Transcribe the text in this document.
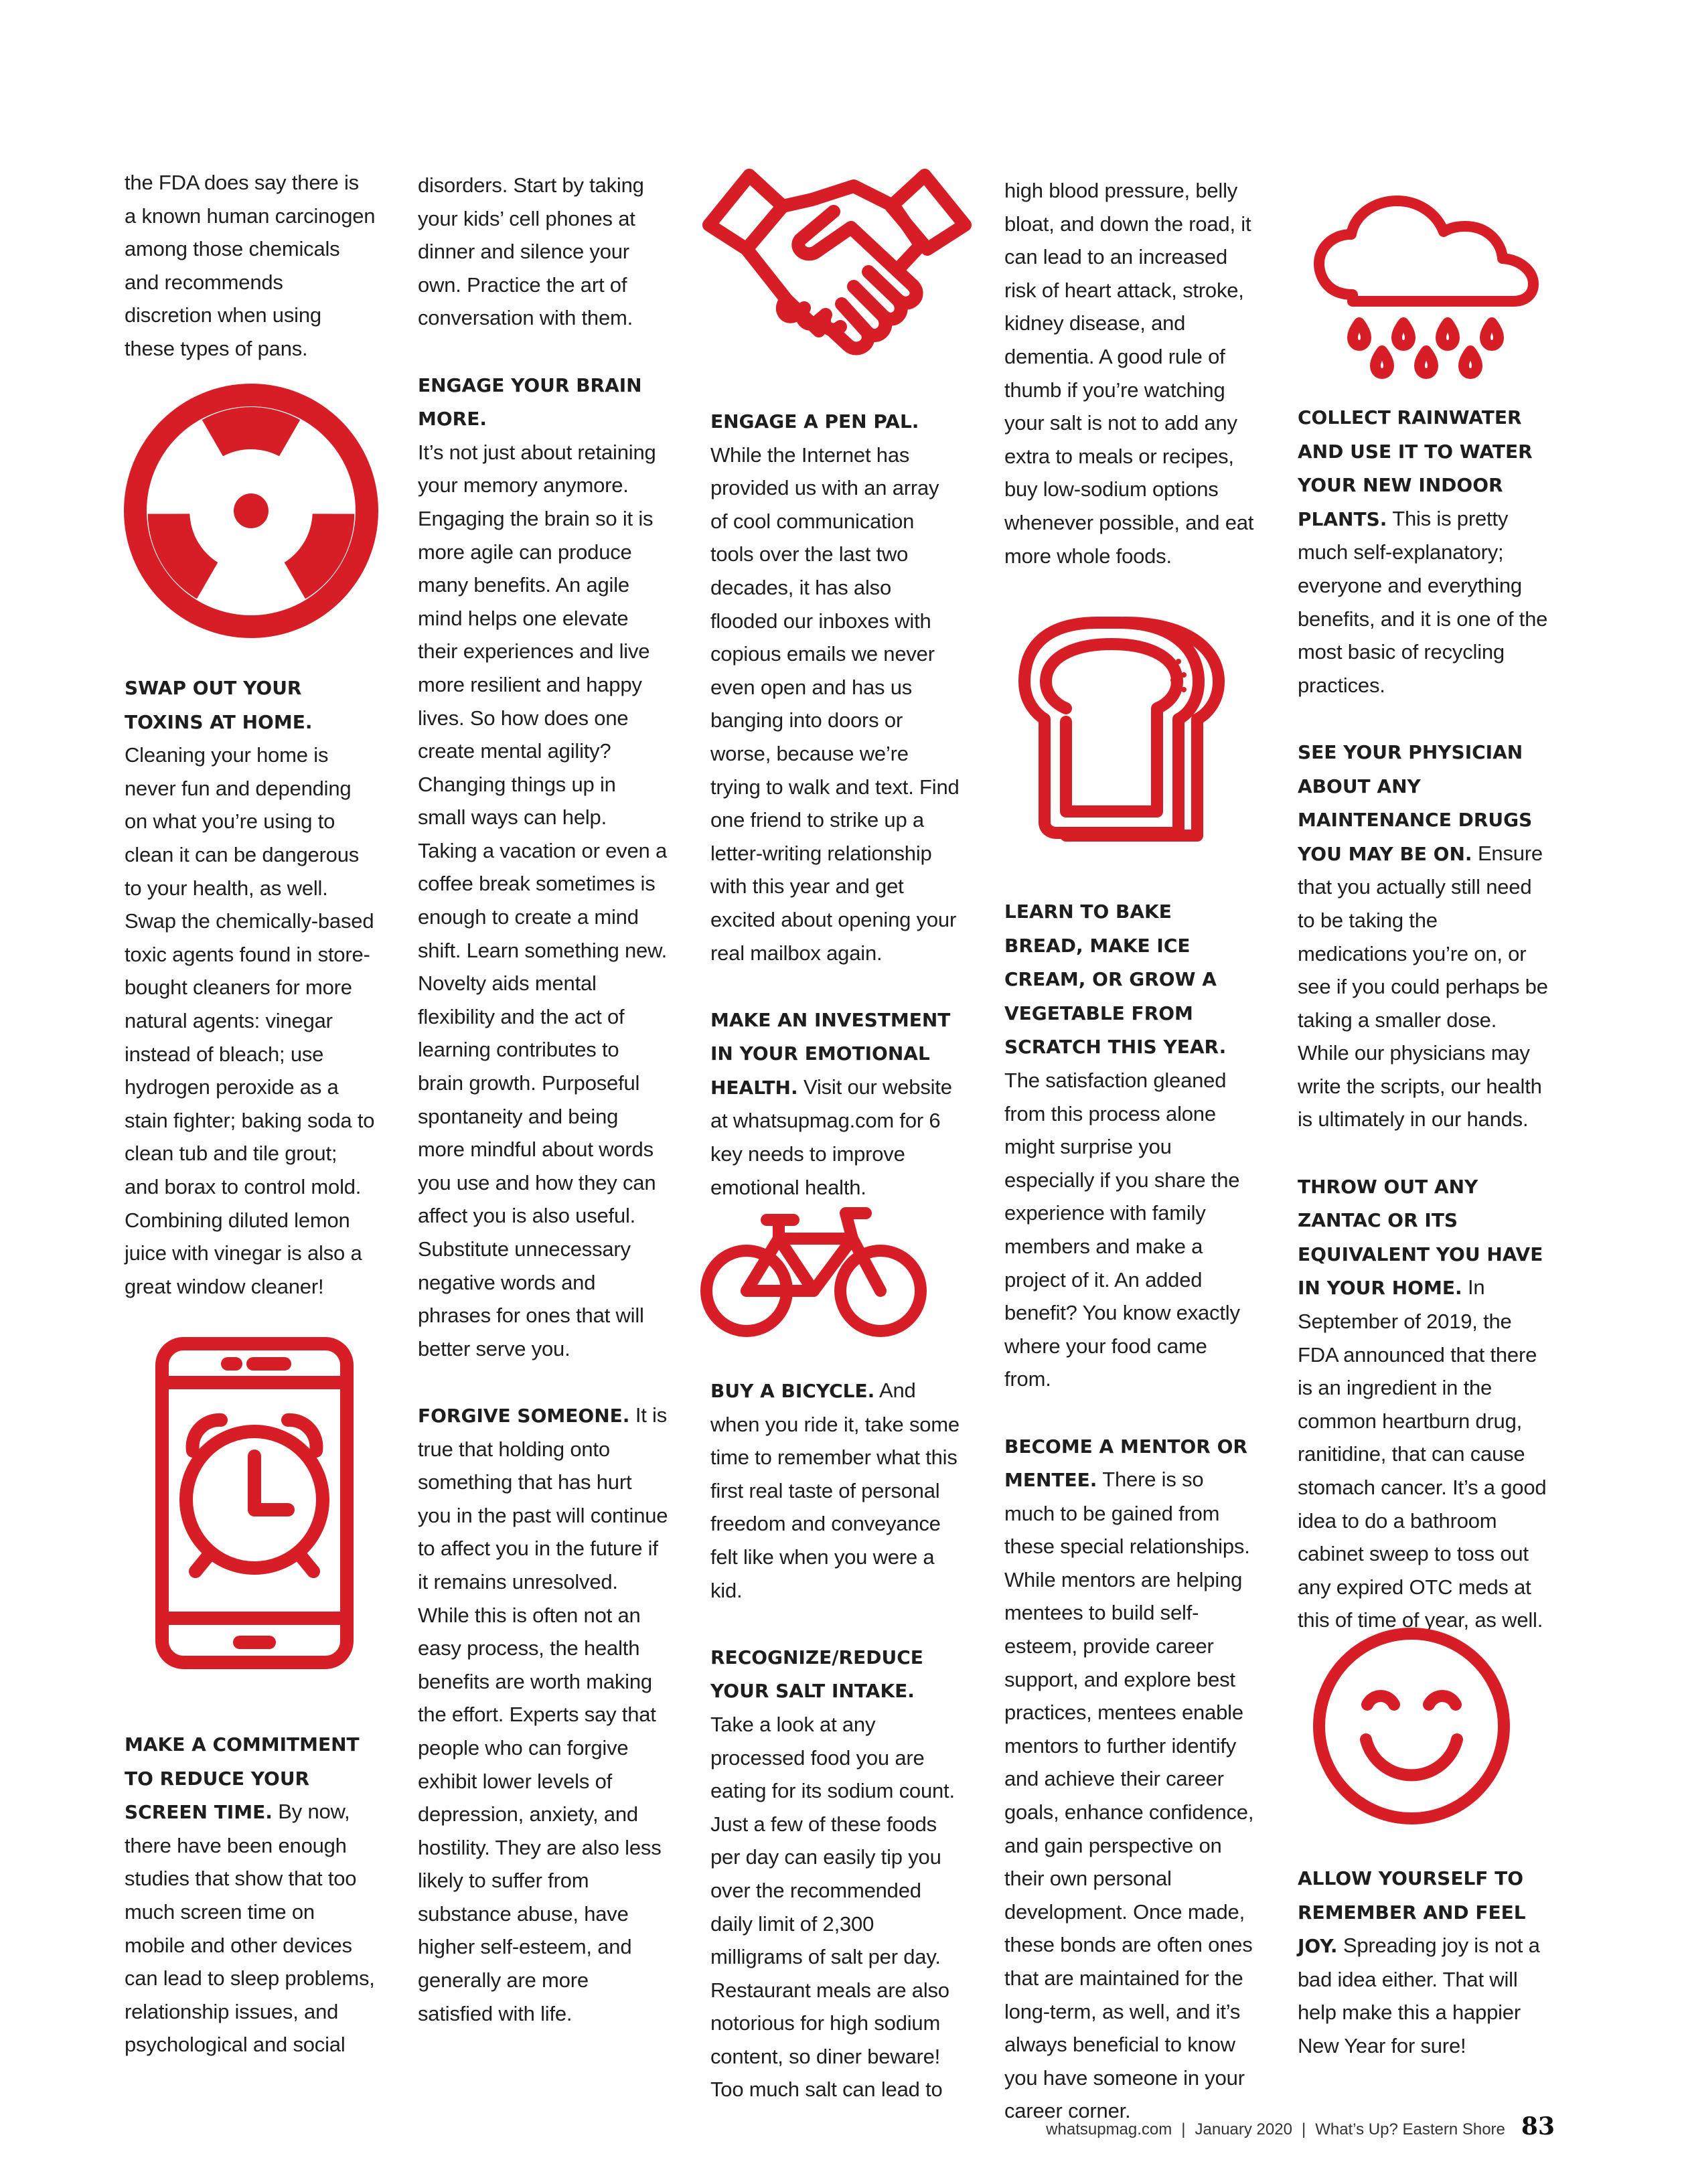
the FDA does say there is a known human carcinogen among those chemicals and recommends discretion when using these types of pans.

SWAP OUT YOUR TOXINS AT HOME. Cleaning your home is never fun and depending on what you’re using to clean it can be dangerous to your health, as well. Swap the chemically-based toxic agents found in store-bought cleaners for more natural agents: vinegar instead of bleach; use hydrogen peroxide as a stain fighter; baking soda to clean tub and tile grout; and borax to control mold. Combining diluted lemon juice with vinegar is also a great window cleaner!

MAKE A COMMITMENT TO REDUCE YOUR SCREEN TIME. By now, there have been enough studies that show that too much screen time on mobile and other devices can lead to sleep problems, relationship issues, and psychological and social

disorders. Start by taking your kids’ cell phones at dinner and silence your own. Practice the art of conversation with them.

ENGAGE YOUR BRAIN MORE.
It’s not just about retaining your memory anymore. Engaging the brain so it is more agile can produce many benefits. An agile mind helps one elevate their experiences and live more resilient and happy lives. So how does one create mental agility? Changing things up in small ways can help. Taking a vacation or even a coffee break sometimes is enough to create a mind shift. Learn something new. Novelty aids mental flexibility and the act of learning contributes to brain growth. Purposeful spontaneity and being more mindful about words you use and how they can affect you is also useful. Substitute unnecessary negative words and phrases for ones that will better serve you.

FORGIVE SOMEONE. It is true that holding onto something that has hurt you in the past will continue to affect you in the future if it remains unresolved. While this is often not an easy process, the health benefits are worth making the effort. Experts say that people who can forgive exhibit lower levels of depression, anxiety, and hostility. They are also less likely to suffer from substance abuse, have higher self-esteem, and generally are more satisfied with life.

ENGAGE A PEN PAL. While the Internet has provided us with an array of cool communication tools over the last two decades, it has also flooded our inboxes with copious emails we never even open and has us banging into doors or worse, because we’re trying to walk and text. Find one friend to strike up a letter-writing relationship with this year and get excited about opening your real mailbox again.

MAKE AN INVESTMENT IN YOUR EMOTIONAL HEALTH. Visit our website at whatsupmag.com for 6 key needs to improve emotional health.

BUY A BICYCLE. And when you ride it, take some time to remember what this first real taste of personal freedom and conveyance felt like when you were a kid.

RECOGNIZE/REDUCE YOUR SALT INTAKE. Take a look at any processed food you are eating for its sodium count. Just a few of these foods per day can easily tip you over the recommended daily limit of 2,300 milligrams of salt per day. Restaurant meals are also notorious for high sodium content, so diner beware! Too much salt can lead to

high blood pressure, belly bloat, and down the road, it can lead to an increased risk of heart attack, stroke, kidney disease, and dementia. A good rule of thumb if you’re watching your salt is not to add any extra to meals or recipes, buy low-sodium options whenever possible, and eat more whole foods.

LEARN TO BAKE BREAD, MAKE ICE CREAM, OR GROW A VEGETABLE FROM SCRATCH THIS YEAR. The satisfaction gleaned from this process alone might surprise you especially if you share the experience with family members and make a project of it. An added benefit? You know exactly where your food came from.

BECOME A MENTOR OR MENTEE. There is so much to be gained from these special relationships. While mentors are helping mentees to build self-esteem, provide career support, and explore best practices, mentees enable mentors to further identify and achieve their career goals, enhance confidence, and gain perspective on their own personal development. Once made, these bonds are often ones that are maintained for the long-term, as well, and it’s always beneficial to know you have someone in your career corner.

COLLECT RAINWATER AND USE IT TO WATER YOUR NEW INDOOR PLANTS. This is pretty much self-explanatory; everyone and everything benefits, and it is one of the most basic of recycling practices.

SEE YOUR PHYSICIAN ABOUT ANY MAINTENANCE DRUGS YOU MAY BE ON. Ensure that you actually still need to be taking the medications you’re on, or see if you could perhaps be taking a smaller dose. While our physicians may write the scripts, our health is ultimately in our hands.

THROW OUT ANY ZANTAC OR ITS EQUIVALENT YOU HAVE IN YOUR HOME. In September of 2019, the FDA announced that there is an ingredient in the common heartburn drug, ranitidine, that can cause stomach cancer. It’s a good idea to do a bathroom cabinet sweep to toss out any expired OTC meds at this of time of year, as well.

ALLOW YOURSELF TO REMEMBER AND FEEL JOY. Spreading joy is not a bad idea either. That will help make this a happier New Year for sure!

whatsupmag.com | January 2020 | What’s Up? Eastern Shore 83
